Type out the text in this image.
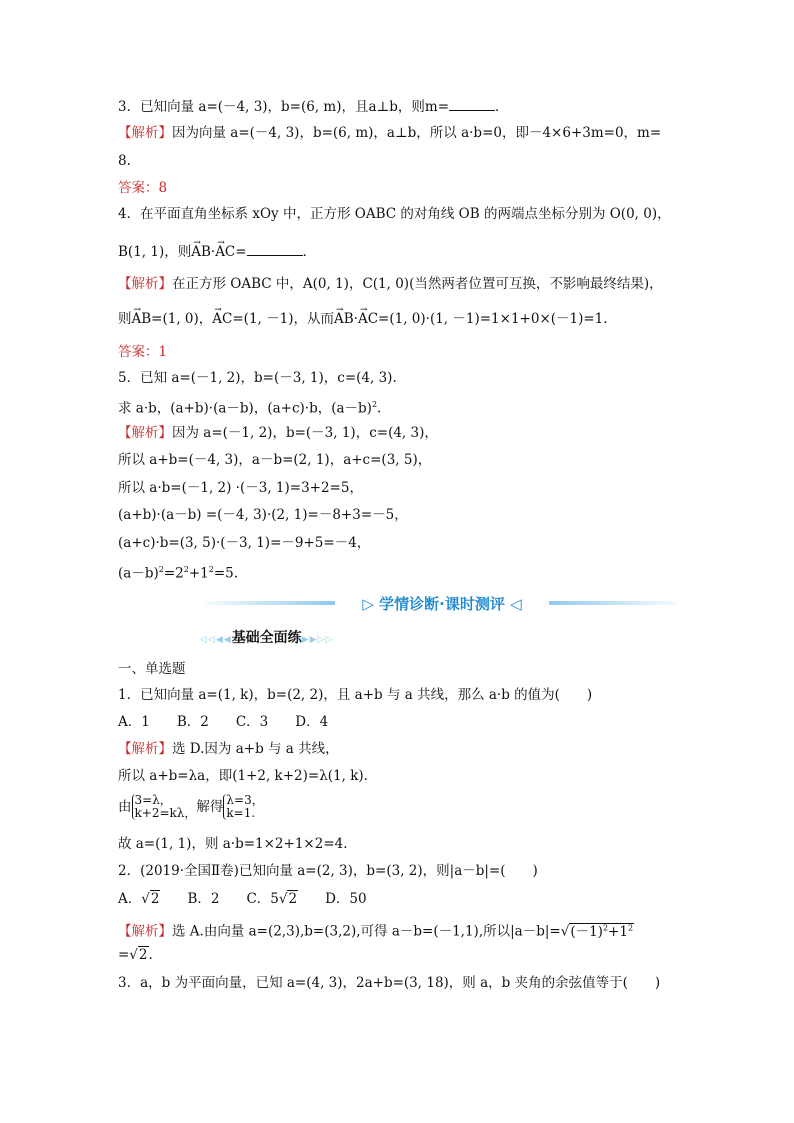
3．已知向量 a=(－4, 3)，b=(6, m)，且a⊥b，则m=	．
【解析】因为向量 a=(－4, 3)，b=(6, m)，a⊥b，所以 a·b=0，即－4×6+3m=0，m=
8.
答案：8
4．在平面直角坐标系 xOy 中，正方形 OABC 的对角线 OB 的两端点坐标分别为 O(0, 0)，
B(1, 1)，则→ AB·→ AC=	．
【解析】在正方形 OABC 中，A(0, 1)，C(1, 0)(当然两者位置可互换，不影响最终结果)，
则→ AB=(1, 0)，→ AC=(1, －1)，从而→ AB·→ AC=(1, 0)·(1, －1)=1×1+0×(－1)=1.
答案：1
5．已知 a=(－1, 2)，b=(－3, 1)，c=(4, 3).
求 a·b，(a+b)·(a－b)，(a+c)·b，$(a-b)^2$.
【解析】因为 a=(－1, 2)，b=(－3, 1)，c=(4, 3)，
所以 a+b=(－4, 3)，a－b=(2, 1)，a+c=(3, 5)，
所以 a·b=(－1, 2) ·(－3, 1)=3+2=5，
(a+b)·(a－b) =(－4, 3)·(2, 1)=－8+3=－5，
(a+c)·b=(3, 5)·(－3, 1)=－9+5=－4，
$(a-b)^2=2^2+1^2=5$.
▷ 学情诊断·课时测评 ◁
◁◁◀◀基础全面练▶▶▷▷
一、单选题
1．已知向量 a=(1, k)，b=(2, 2)，且 a+b 与 a 共线，那么 a·b 的值为(　　)
A．1　　B．2　　C．3　　D．4
【解析】选 D.因为 a+b 与 a 共线，
所以 a+b=λa，即(1+2, k+2)=λ(1, k).
由 3=λ，
k+2=kλ，解得 λ=3，
k=1.
故 a=(1, 1)，则 a·b=1×2+1×2=4.
2．(2019·全国Ⅱ卷)已知向量 a=(2, 3)，b=(3, 2)，则|a－b|=(　　)
A．√2　　B．2　　C．5√2　　D．50
【解析】选 A.由向量 a=(2,3),b=(3,2),可得 a－b=(－1,1),所以$|a-b|=√(-1)^2+1^2$
=√2.
3．a，b 为平面向量，已知 a=(4, 3)，2a+b=(3, 18)，则 a，b 夹角的余弦值等于(　　)
